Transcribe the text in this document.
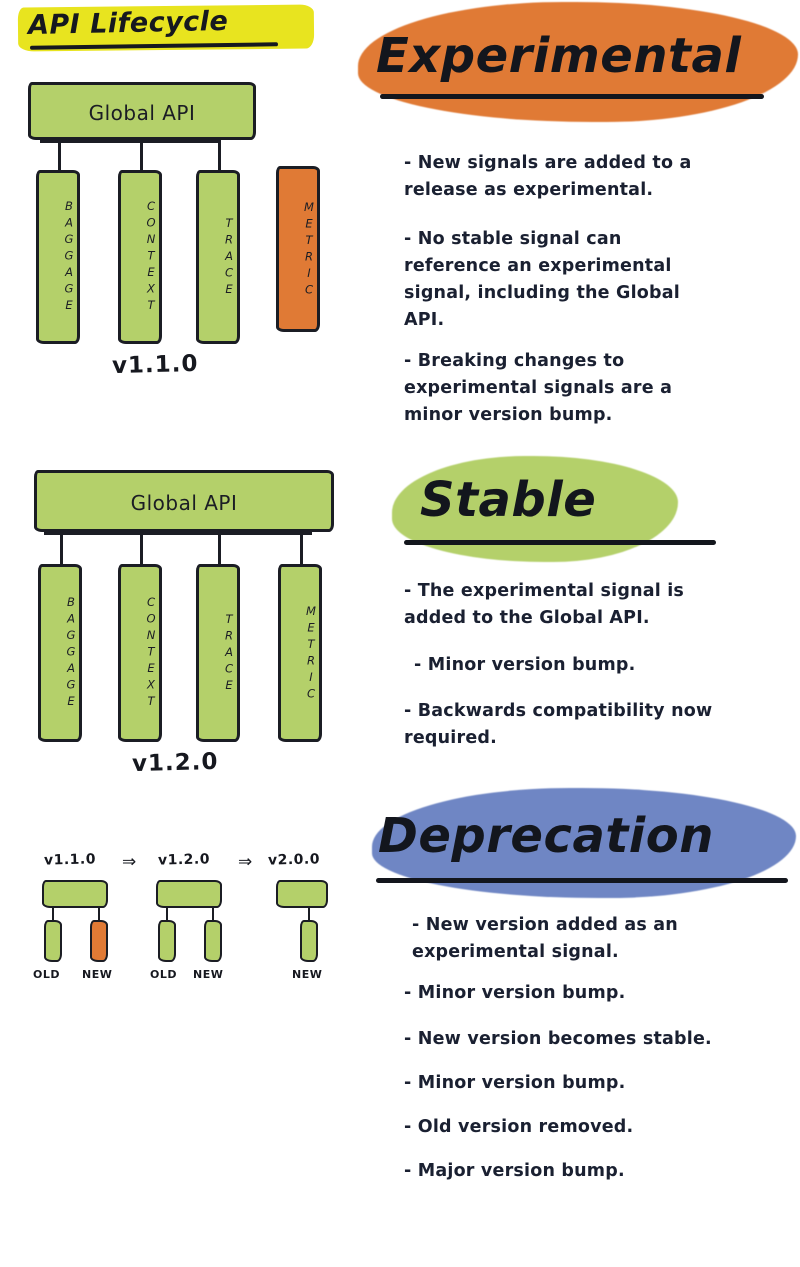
API Lifecycle
Global API
BAGGAGE	CONTEXT	TRACE	METRIC
v1.1.0
Global API
BAGGAGE	CONTEXT	TRACE	METRIC
v1.2.0
v1.1.0
OLD NEW
⇒ v1.2.0
OLD NEW
⇒ v2.0.0
NEW
Experimental
- New signals are added to a release as experimental.
- No stable signal can reference an experimental signal, including the Global API.
- Breaking changes to experimental signals are a minor version bump.
Stable
- The experimental signal is added to the Global API.
- Minor version bump.
- Backwards compatibility now required.
Deprecation
- New version added as an experimental signal.
- Minor version bump.
- New version becomes stable.
- Minor version bump.
- Old version removed.
- Major version bump.
